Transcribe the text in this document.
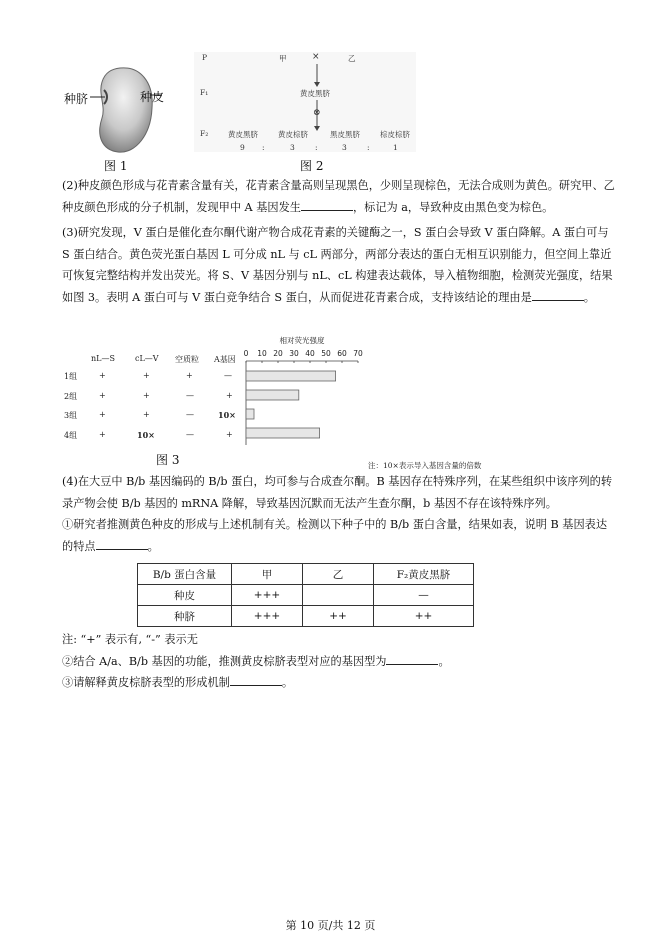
种脐	种皮
图 1
P
F₁
F₂
甲	×	乙
黄皮黑脐
⊗
黄皮黑脐	黄皮棕脐	黑皮黑脐	棕皮棕脐
9 :	3	:	3	:	1
图 2

(2)种皮颜色形成与花青素含量有关，花青素含量高则呈现黑色，少则呈现棕色，无法合成则为黄色。研究甲、乙种皮颜色形成的分子机制，发现甲中 A 基因发生	，标记为 a，导致种皮由黑色变为棕色。

(3)研究发现，V 蛋白是催化查尔酮代谢产物合成花青素的关键酶之一，S 蛋白会导致 V 蛋白降解。A 蛋白可与 S 蛋白结合。黄色荧光蛋白基因 L 可分成 nL 与 cL 两部分，两部分表达的蛋白无相互识别能力，但空间上靠近可恢复完整结构并发出荧光。将 S、V 基因分别与 nL、cL 构建表达载体，导入植物细胞，检测荧光强度，结果如图 3。表明 A 蛋白可与 V 蛋白竞争结合 S 蛋白，从而促进花青素合成，支持该结论的理由是	。

nL—S	cL—V 空质粒 A基因
1组	+	+	+	—
2组	+	+	—	+
3组	+	+	—	10×
4组	+	10×	—	+
相对荧光强度
0 10 20 30 40 50 60 70
图 3	注：10×表示导入基因含量的倍数

(4)在大豆中 B/b 基因编码的 B/b 蛋白，均可参与合成查尔酮。B 基因存在特殊序列，在某些组织中该序列的转录产物会使 B/b 基因的 mRNA 降解，导致基因沉默而无法产生查尔酮，b 基因不存在该特殊序列。

①研究者推测黄色种皮的形成与上述机制有关。检测以下种子中的 B/b 蛋白含量，结果如表，说明 B 基因表达的特点	。

B/b 蛋白含量	甲	乙	F₂黄皮黑脐
种皮	+++		—
种脐	+++	++	++

注: “+” 表示有, “-” 表示无

②结合 A/a、B/b 基因的功能，推测黄皮棕脐表型对应的基因型为	。

③请解释黄皮棕脐表型的形成机制	。

第 10 页/共 12 页
